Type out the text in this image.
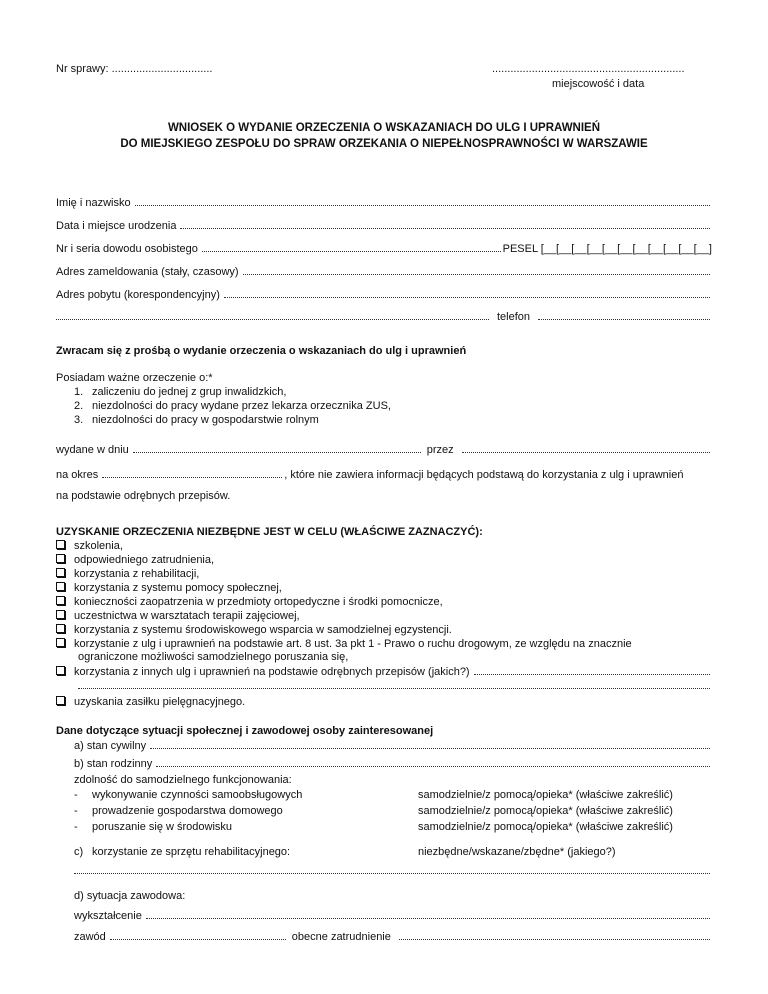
Nr sprawy: .................................	...............................................................
miejscowość i data
WNIOSEK O WYDANIE ORZECZENIA O WSKAZANIACH DO ULG I UPRAWNIEŃ
DO MIEJSKIEGO ZESPOŁU DO SPRAW ORZEKANIA O NIEPEŁNOSPRAWNOŚCI W WARSZAWIE
Imię i nazwisko
Data i miejsce urodzenia
Nr i seria dowodu osobistego	PESEL [__[__[__[__[__[__[__[__[__[__[__]
Adres zameldowania (stały, czasowy)
Adres pobytu (korespondencyjny)
telefon
Zwracam się z prośbą o wydanie orzeczenia o wskazaniach do ulg i uprawnień
Posiadam ważne orzeczenie o:*
1. zaliczeniu do jednej z grup inwalidzkich,
2. niezdolności do pracy wydane przez lekarza orzecznika ZUS,
3. niezdolności do pracy w gospodarstwie rolnym
wydane w dniu	przez
na okres	, które nie zawiera informacji będących podstawą do korzystania z ulg i uprawnień
na podstawie odrębnych przepisów.
UZYSKANIE ORZECZENIA NIEZBĘDNE JEST W CELU (WŁAŚCIWE ZAZNACZYĆ):
szkolenia,
odpowiedniego zatrudnienia,
korzystania z rehabilitacji,
korzystania z systemu pomocy społecznej,
konieczności zaopatrzenia w przedmioty ortopedyczne i środki pomocnicze,
uczestnictwa w warsztatach terapii zajęciowej,
korzystania z systemu środowiskowego wsparcia w samodzielnej egzystencji.
korzystanie z ulg i uprawnień na podstawie art. 8 ust. 3a pkt 1 - Prawo o ruchu drogowym, ze względu na znacznie
ograniczone możliwości samodzielnego poruszania się,
korzystania z innych ulg i uprawnień na podstawie odrębnych przepisów (jakich?)
uzyskania zasiłku pielęgnacyjnego.
Dane dotyczące sytuacji społecznej i zawodowej osoby zainteresowanej
a) stan cywilny
b) stan rodzinny
zdolność do samodzielnego funkcjonowania:
- wykonywanie czynności samoobsługowych	samodzielnie/z pomocą/opieka* (właściwe zakreślić)
- prowadzenie gospodarstwa domowego	samodzielnie/z pomocą/opieka* (właściwe zakreślić)
- poruszanie się w środowisku	samodzielnie/z pomocą/opieka* (właściwe zakreślić)
c) korzystanie ze sprzętu rehabilitacyjnego:	niezbędne/wskazane/zbędne* (jakiego?)
d) sytuacja zawodowa:
wykształcenie
zawód	obecne zatrudnienie
